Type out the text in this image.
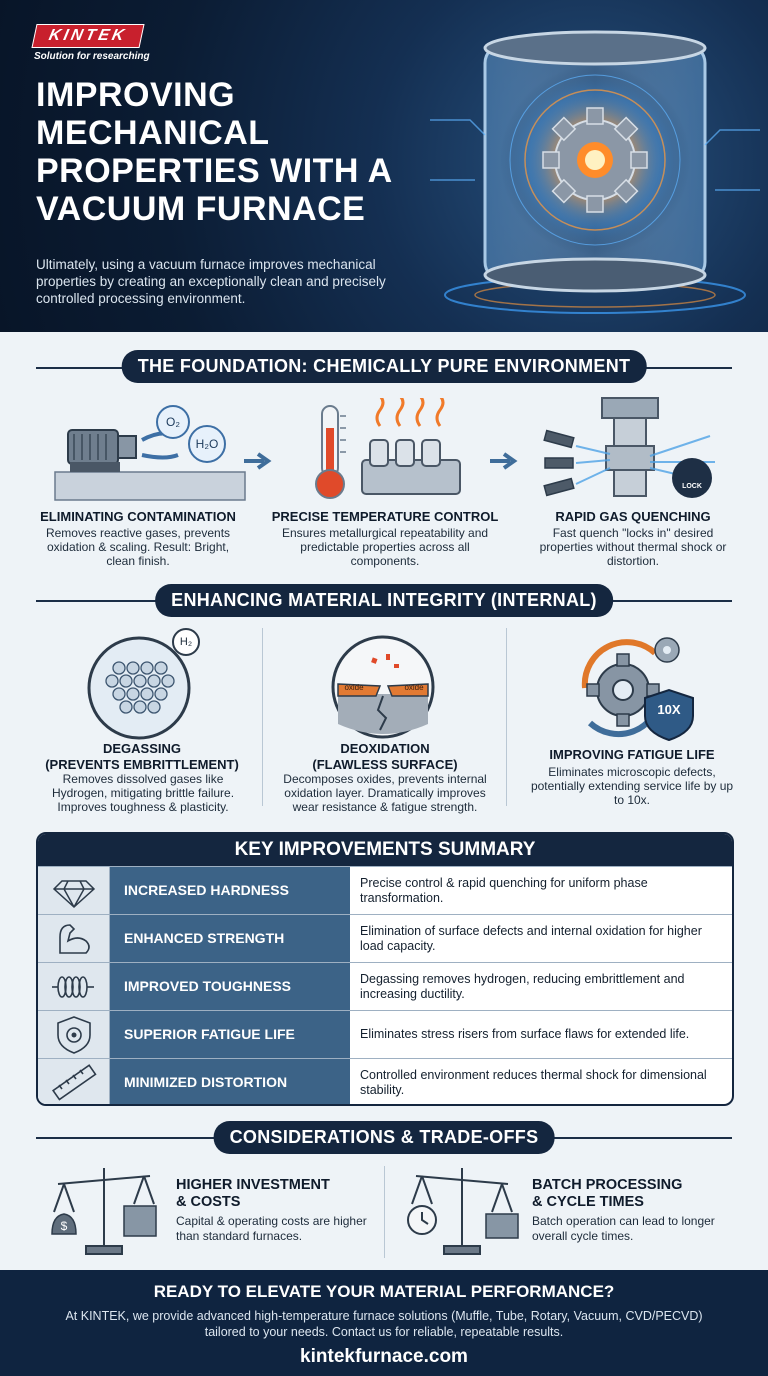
KINTEK
Solution for researching
IMPROVING MECHANICAL PROPERTIES WITH A VACUUM FURNACE
Ultimately, using a vacuum furnace improves mechanical properties by creating an exceptionally clean and precisely controlled processing environment.
THE FOUNDATION: CHEMICALLY PURE ENVIRONMENT
O₂
H₂O
LOCK
ELIMINATING CONTAMINATION
Removes reactive gases, prevents oxidation & scaling. Result: Bright, clean finish.
PRECISE TEMPERATURE CONTROL
Ensures metallurgical repeatability and predictable properties across all components.
RAPID GAS QUENCHING
Fast quench "locks in" desired properties without thermal shock or distortion.
ENHANCING MATERIAL INTEGRITY (INTERNAL)
H₂
oxide	oxide
10X
DEGASSING
(PREVENTS EMBRITTLEMENT)
Removes dissolved gases like Hydrogen, mitigating brittle failure. Improves toughness & plasticity.
DEOXIDATION
(FLAWLESS SURFACE)
Decomposes oxides, prevents internal oxidation layer. Dramatically improves wear resistance & fatigue strength.
IMPROVING FATIGUE LIFE
Eliminates microscopic defects, potentially extending service life by up to 10x.
KEY IMPROVEMENTS SUMMARY
INCREASED HARDNESS	Precise control & rapid quenching for uniform phase transformation.
ENHANCED STRENGTH	Elimination of surface defects and internal oxidation for higher load capacity.
IMPROVED TOUGHNESS	Degassing removes hydrogen, reducing embrittlement and increasing ductility.
SUPERIOR FATIGUE LIFE	Eliminates stress risers from surface flaws for extended life.
MINIMIZED DISTORTION	Controlled environment reduces thermal shock for dimensional stability.
CONSIDERATIONS & TRADE-OFFS
$
HIGHER INVESTMENT
& COSTS
Capital & operating costs are higher than standard furnaces.
BATCH PROCESSING
& CYCLE TIMES
Batch operation can lead to longer overall cycle times.
READY TO ELEVATE YOUR MATERIAL PERFORMANCE?
At KINTEK, we provide advanced high-temperature furnace solutions (Muffle, Tube, Rotary, Vacuum, CVD/PECVD) tailored to your needs. Contact us for reliable, repeatable results.
kintekfurnace.com
